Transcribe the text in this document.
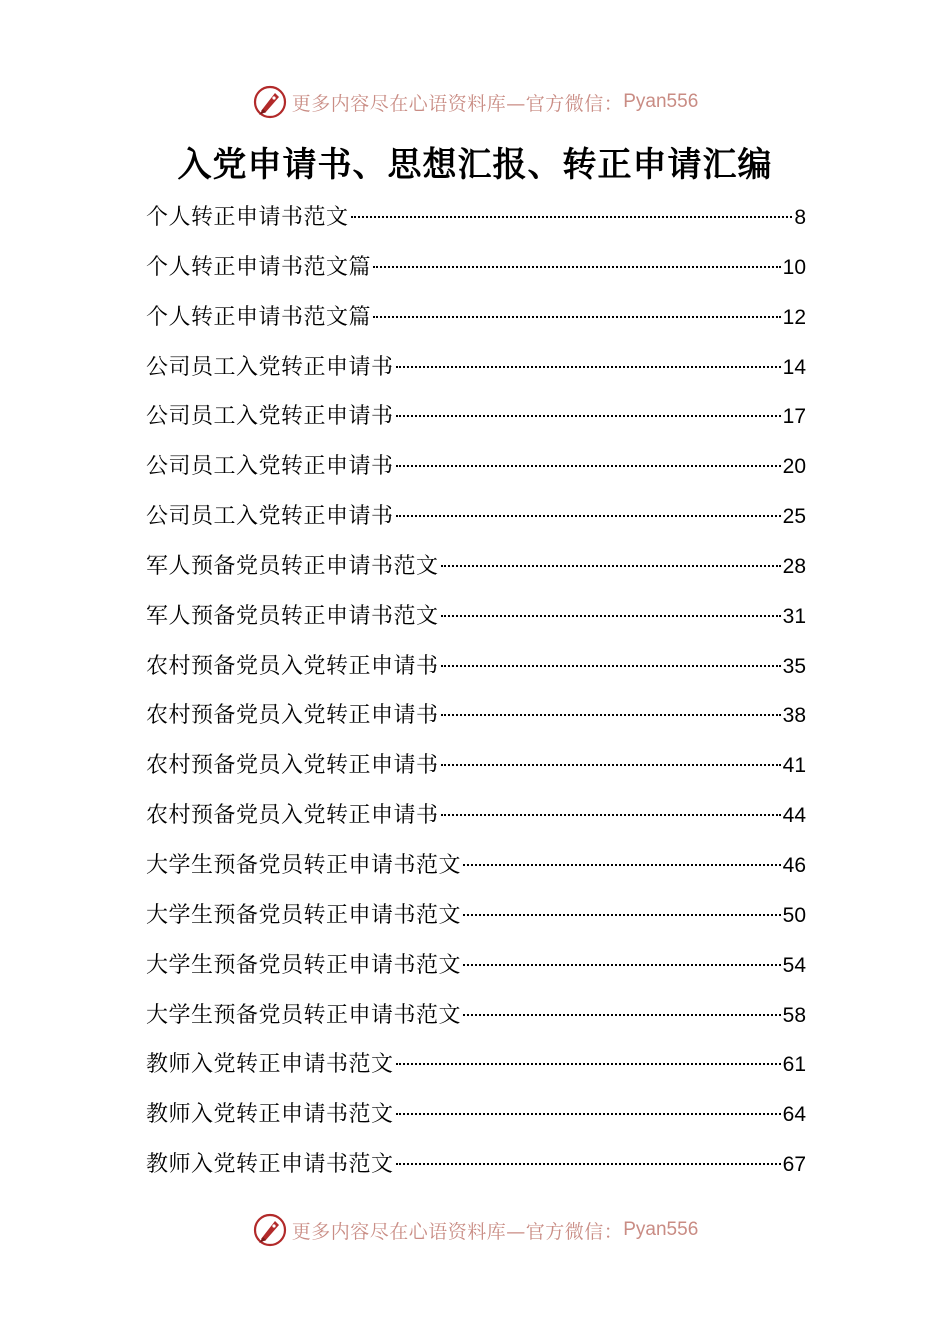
更多内容尽在心语资料库—官方微信： Pyan556
入党申请书、思想汇报、转正申请汇编
个人转正申请书范文	8
个人转正申请书范文篇	10
个人转正申请书范文篇	12
公司员工入党转正申请书	14
公司员工入党转正申请书	17
公司员工入党转正申请书	20
公司员工入党转正申请书	25
军人预备党员转正申请书范文	28
军人预备党员转正申请书范文	31
农村预备党员入党转正申请书	35
农村预备党员入党转正申请书	38
农村预备党员入党转正申请书	41
农村预备党员入党转正申请书	44
大学生预备党员转正申请书范文	46
大学生预备党员转正申请书范文	50
大学生预备党员转正申请书范文	54
大学生预备党员转正申请书范文	58
教师入党转正申请书范文	61
教师入党转正申请书范文	64
教师入党转正申请书范文	67
更多内容尽在心语资料库—官方微信： Pyan556
